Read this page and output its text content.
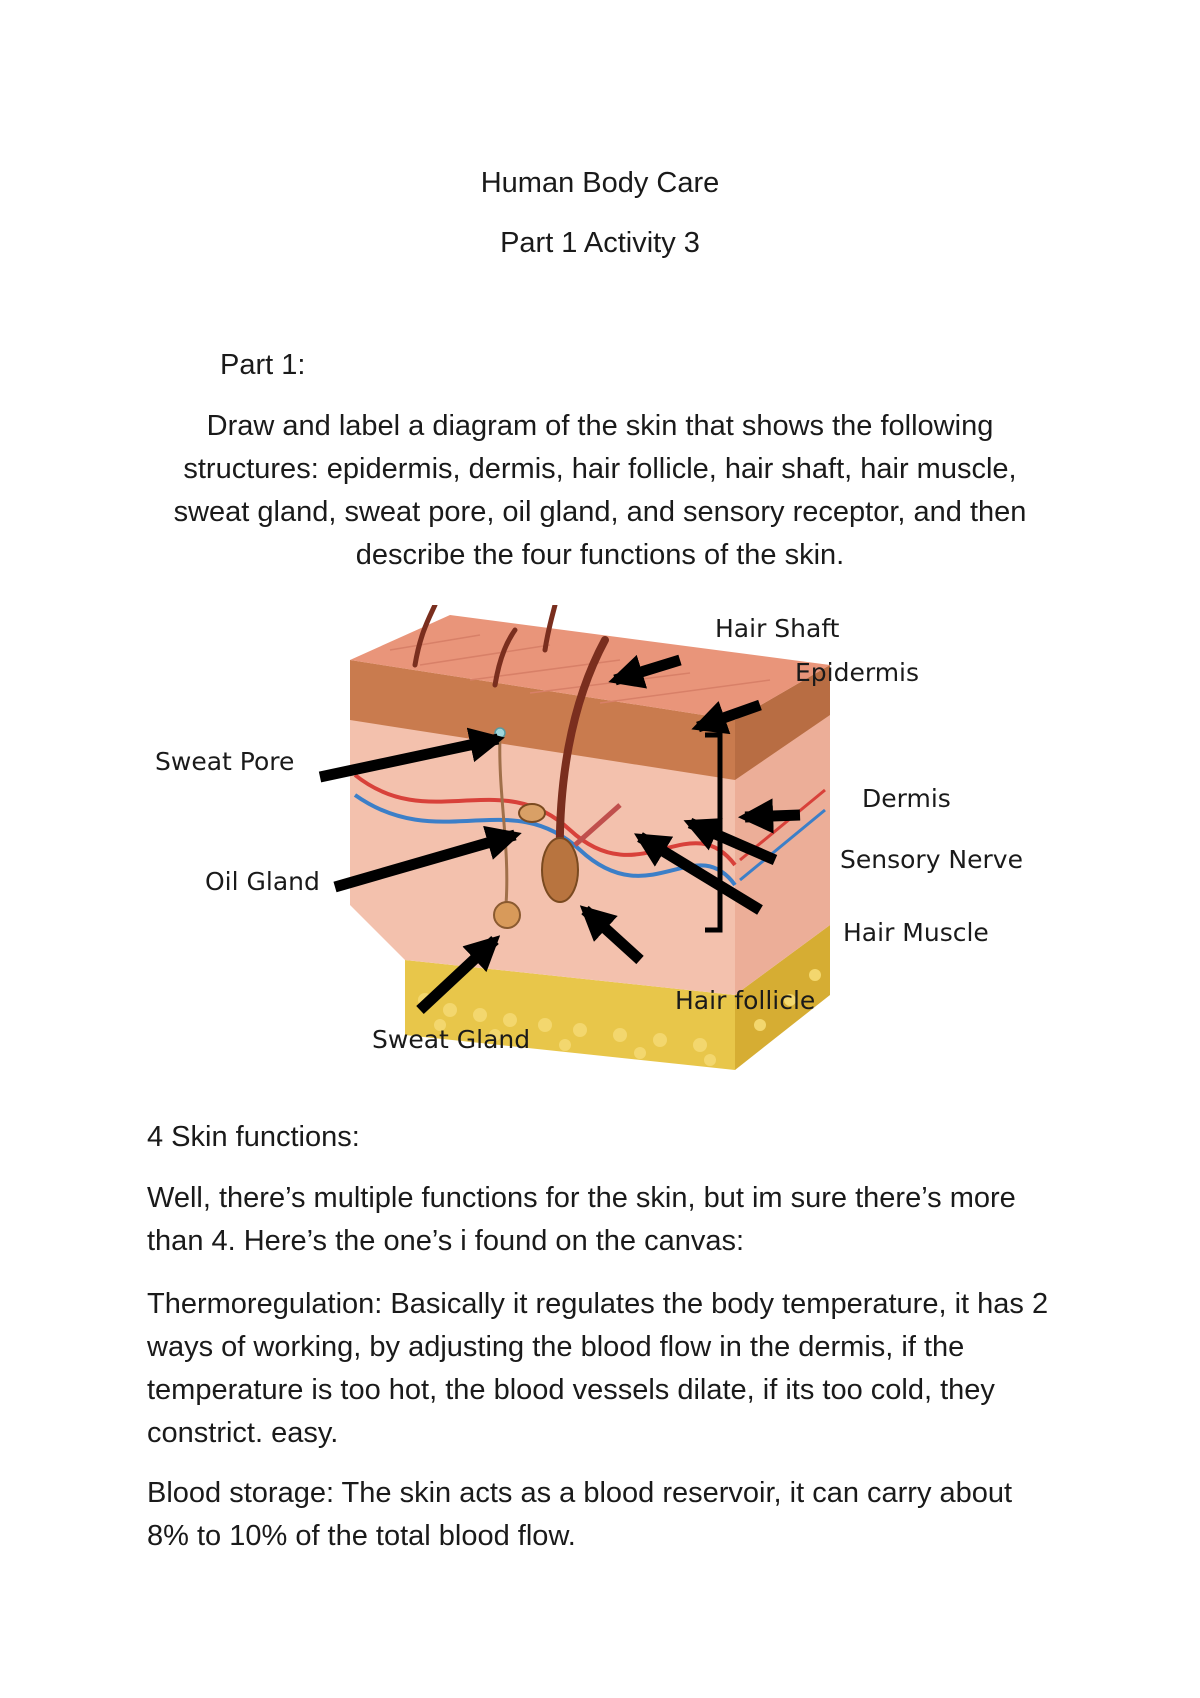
Human Body Care

Part 1 Activity 3

Part 1:

Draw and label a diagram of the skin that shows the following structures: epidermis, dermis, hair follicle, hair shaft, hair muscle, sweat gland, sweat pore, oil gland, and sensory receptor, and then describe the four functions of the skin.

Hair Shaft
Epidermis
Dermis
Sensory Nerve
Hair Muscle
Hair follicle
Sweat Gland
Oil Gland
Sweat Pore

4 Skin functions:

Well, there’s multiple functions for the skin, but im sure there’s more than 4. Here’s the one’s i found on the canvas:

Thermoregulation: Basically it regulates the body temperature, it has 2 ways of working, by adjusting the blood flow in the dermis, if the temperature is too hot, the blood vessels dilate, if its too cold, they constrict. easy.

Blood storage: The skin acts as a blood reservoir, it can carry about 8% to 10% of the total blood flow.
